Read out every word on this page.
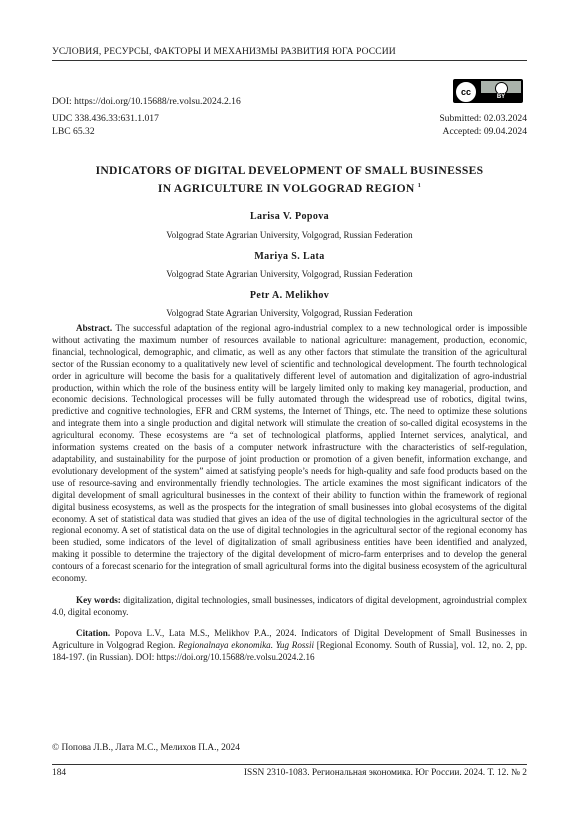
УСЛОВИЯ, РЕСУРСЫ, ФАКТОРЫ И МЕХАНИЗМЫ РАЗВИТИЯ ЮГА РОССИИ
DOI: https://doi.org/10.15688/re.volsu.2024.2.16
cc	BY
UDC 338.436.33:631.1.017
LBC 65.32
Submitted: 02.03.2024
Accepted: 09.04.2024
INDICATORS OF DIGITAL DEVELOPMENT OF SMALL BUSINESSES
IN AGRICULTURE IN VOLGOGRAD REGION $^1$
Larisa V. Popova
Volgograd State Agrarian University, Volgograd, Russian Federation
Mariya S. Lata
Volgograd State Agrarian University, Volgograd, Russian Federation
Petr A. Melikhov
Volgograd State Agrarian University, Volgograd, Russian Federation

Abstract. The successful adaptation of the regional agro-industrial complex to a new technological order is impossible without activating the maximum number of resources available to national agriculture: management, production, economic, financial, technological, demographic, and climatic, as well as any other factors that stimulate the transition of the agricultural sector of the Russian economy to a qualitatively new level of scientific and technological development. The fourth technological order in agriculture will become the basis for a qualitatively different level of automation and digitalization of agro-industrial production, within which the role of the business entity will be largely limited only to making key managerial, production, and economic decisions. Technological processes will be fully automated through the widespread use of robotics, digital twins, predictive and cognitive technologies, EFR and CRM systems, the Internet of Things, etc. The need to optimize these solutions and integrate them into a single production and digital network will stimulate the creation of so-called digital ecosystems in the agricultural economy. These ecosystems are “a set of technological platforms, applied Internet services, analytical, and information systems created on the basis of a computer network infrastructure with the characteristics of self-regulation, adaptability, and sustainability for the purpose of joint production or promotion of a given benefit, information exchange, and evolutionary development of the system” aimed at satisfying people’s needs for high-quality and safe food products based on the use of resource-saving and environmentally friendly technologies. The article examines the most significant indicators of the digital development of small agricultural businesses in the context of their ability to function within the framework of regional digital business ecosystems, as well as the prospects for the integration of small businesses into global ecosystems of the digital economy. A set of statistical data was studied that gives an idea of the use of digital technologies in the agricultural sector of the regional economy. A set of statistical data on the use of digital technologies in the agricultural sector of the regional economy has been studied, some indicators of the level of digitalization of small agribusiness entities have been identified and analyzed, making it possible to determine the trajectory of the digital development of micro-farm enterprises and to develop the general contours of a forecast scenario for the integration of small agricultural forms into the digital business ecosystem of the agricultural economy.

Key words: digitalization, digital technologies, small businesses, indicators of digital development, agroindustrial complex 4.0, digital economy.

Citation. Popova L.V., Lata M.S., Melikhov P.A., 2024. Indicators of Digital Development of Small Businesses in Agriculture in Volgograd Region. Regionalnaya ekonomika. Yug Rossii [Regional Economy. South of Russia], vol. 12, no. 2, pp. 184-197. (in Russian). DOI: https://doi.org/10.15688/re.volsu.2024.2.16

© Попова Л.В., Лата М.С., Мелихов П.А., 2024
184	ISSN 2310-1083. Региональная экономика. Юг России. 2024. Т. 12. № 2
